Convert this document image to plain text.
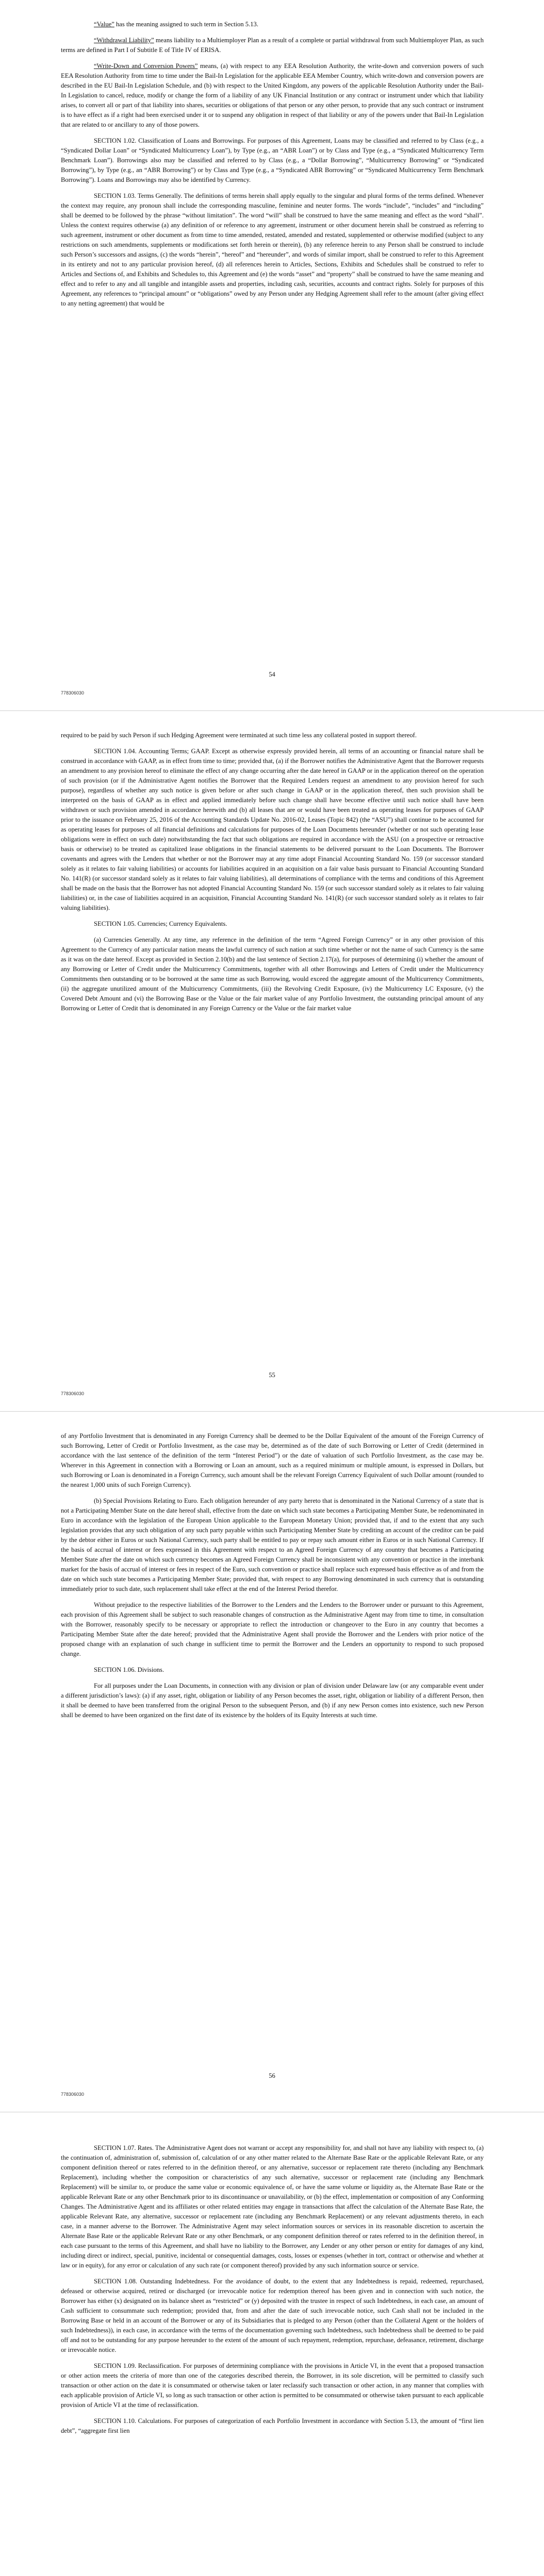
“Value” has the meaning assigned to such term in Section 5.13.

“Withdrawal Liability” means liability to a Multiemployer Plan as a result of a complete or partial withdrawal from such Multiemployer Plan, as such terms are defined in Part I of Subtitle E of Title IV of ERISA.

“Write-Down and Conversion Powers” means, (a) with respect to any EEA Resolution Authority, the write-down and conversion powers of such EEA Resolution Authority from time to time under the Bail-In Legislation for the applicable EEA Member Country, which write-down and conversion powers are described in the EU Bail-In Legislation Schedule, and (b) with respect to the United Kingdom, any powers of the applicable Resolution Authority under the Bail-In Legislation to cancel, reduce, modify or change the form of a liability of any UK Financial Institution or any contract or instrument under which that liability arises, to convert all or part of that liability into shares, securities or obligations of that person or any other person, to provide that any such contract or instrument is to have effect as if a right had been exercised under it or to suspend any obligation in respect of that liability or any of the powers under that Bail-In Legislation that are related to or ancillary to any of those powers.

SECTION 1.02. Classification of Loans and Borrowings. For purposes of this Agreement, Loans may be classified and referred to by Class (e.g., a “Syndicated Dollar Loan” or “Syndicated Multicurrency Loan”), by Type (e.g., an “ABR Loan”) or by Class and Type (e.g., a “Syndicated Multicurrency Term Benchmark Loan”). Borrowings also may be classified and referred to by Class (e.g., a “Dollar Borrowing”, “Multicurrency Borrowing” or “Syndicated Borrowing”), by Type (e.g., an “ABR Borrowing”) or by Class and Type (e.g., a “Syndicated ABR Borrowing” or “Syndicated Multicurrency Term Benchmark Borrowing”). Loans and Borrowings may also be identified by Currency.

SECTION 1.03. Terms Generally. The definitions of terms herein shall apply equally to the singular and plural forms of the terms defined. Whenever the context may require, any pronoun shall include the corresponding masculine, feminine and neuter forms. The words “include”, “includes” and “including” shall be deemed to be followed by the phrase “without limitation”. The word “will” shall be construed to have the same meaning and effect as the word “shall”. Unless the context requires otherwise (a) any definition of or reference to any agreement, instrument or other document herein shall be construed as referring to such agreement, instrument or other document as from time to time amended, restated, amended and restated, supplemented or otherwise modified (subject to any restrictions on such amendments, supplements or modifications set forth herein or therein), (b) any reference herein to any Person shall be construed to include such Person’s successors and assigns, (c) the words “herein”, “hereof” and “hereunder”, and words of similar import, shall be construed to refer to this Agreement in its entirety and not to any particular provision hereof, (d) all references herein to Articles, Sections, Exhibits and Schedules shall be construed to refer to Articles and Sections of, and Exhibits and Schedules to, this Agreement and (e) the words “asset” and “property” shall be construed to have the same meaning and effect and to refer to any and all tangible and intangible assets and properties, including cash, securities, accounts and contract rights. Solely for purposes of this Agreement, any references to “principal amount” or “obligations” owed by any Person under any Hedging Agreement shall refer to the amount (after giving effect to any netting agreement) that would be

54
778306030

required to be paid by such Person if such Hedging Agreement were terminated at such time less any collateral posted in support thereof.

SECTION 1.04. Accounting Terms; GAAP. Except as otherwise expressly provided herein, all terms of an accounting or financial nature shall be construed in accordance with GAAP, as in effect from time to time; provided that, (a) if the Borrower notifies the Administrative Agent that the Borrower requests an amendment to any provision hereof to eliminate the effect of any change occurring after the date hereof in GAAP or in the application thereof on the operation of such provision (or if the Administrative Agent notifies the Borrower that the Required Lenders request an amendment to any provision hereof for such purpose), regardless of whether any such notice is given before or after such change in GAAP or in the application thereof, then such provision shall be interpreted on the basis of GAAP as in effect and applied immediately before such change shall have become effective until such notice shall have been withdrawn or such provision amended in accordance herewith and (b) all leases that are or would have been treated as operating leases for purposes of GAAP prior to the issuance on February 25, 2016 of the Accounting Standards Update No. 2016-02, Leases (Topic 842) (the “ASU”) shall continue to be accounted for as operating leases for purposes of all financial definitions and calculations for purposes of the Loan Documents hereunder (whether or not such operating lease obligations were in effect on such date) notwithstanding the fact that such obligations are required in accordance with the ASU (on a prospective or retroactive basis or otherwise) to be treated as capitalized lease obligations in the financial statements to be delivered pursuant to the Loan Documents. The Borrower covenants and agrees with the Lenders that whether or not the Borrower may at any time adopt Financial Accounting Standard No. 159 (or successor standard solely as it relates to fair valuing liabilities) or accounts for liabilities acquired in an acquisition on a fair value basis pursuant to Financial Accounting Standard No. 141(R) (or successor standard solely as it relates to fair valuing liabilities), all determinations of compliance with the terms and conditions of this Agreement shall be made on the basis that the Borrower has not adopted Financial Accounting Standard No. 159 (or such successor standard solely as it relates to fair valuing liabilities) or, in the case of liabilities acquired in an acquisition, Financial Accounting Standard No. 141(R) (or such successor standard solely as it relates to fair valuing liabilities).

SECTION 1.05. Currencies; Currency Equivalents.

(a) Currencies Generally. At any time, any reference in the definition of the term “Agreed Foreign Currency” or in any other provision of this Agreement to the Currency of any particular nation means the lawful currency of such nation at such time whether or not the name of such Currency is the same as it was on the date hereof. Except as provided in Section 2.10(b) and the last sentence of Section 2.17(a), for purposes of determining (i) whether the amount of any Borrowing or Letter of Credit under the Multicurrency Commitments, together with all other Borrowings and Letters of Credit under the Multicurrency Commitments then outstanding or to be borrowed at the same time as such Borrowing, would exceed the aggregate amount of the Multicurrency Commitments, (ii) the aggregate unutilized amount of the Multicurrency Commitments, (iii) the Revolving Credit Exposure, (iv) the Multicurrency LC Exposure, (v) the Covered Debt Amount and (vi) the Borrowing Base or the Value or the fair market value of any Portfolio Investment, the outstanding principal amount of any Borrowing or Letter of Credit that is denominated in any Foreign Currency or the Value or the fair market value

55
778306030

of any Portfolio Investment that is denominated in any Foreign Currency shall be deemed to be the Dollar Equivalent of the amount of the Foreign Currency of such Borrowing, Letter of Credit or Portfolio Investment, as the case may be, determined as of the date of such Borrowing or Letter of Credit (determined in accordance with the last sentence of the definition of the term “Interest Period”) or the date of valuation of such Portfolio Investment, as the case may be. Wherever in this Agreement in connection with a Borrowing or Loan an amount, such as a required minimum or multiple amount, is expressed in Dollars, but such Borrowing or Loan is denominated in a Foreign Currency, such amount shall be the relevant Foreign Currency Equivalent of such Dollar amount (rounded to the nearest 1,000 units of such Foreign Currency).

(b) Special Provisions Relating to Euro. Each obligation hereunder of any party hereto that is denominated in the National Currency of a state that is not a Participating Member State on the date hereof shall, effective from the date on which such state becomes a Participating Member State, be redenominated in Euro in accordance with the legislation of the European Union applicable to the European Monetary Union; provided that, if and to the extent that any such legislation provides that any such obligation of any such party payable within such Participating Member State by crediting an account of the creditor can be paid by the debtor either in Euros or such National Currency, such party shall be entitled to pay or repay such amount either in Euros or in such National Currency. If the basis of accrual of interest or fees expressed in this Agreement with respect to an Agreed Foreign Currency of any country that becomes a Participating Member State after the date on which such currency becomes an Agreed Foreign Currency shall be inconsistent with any convention or practice in the interbank market for the basis of accrual of interest or fees in respect of the Euro, such convention or practice shall replace such expressed basis effective as of and from the date on which such state becomes a Participating Member State; provided that, with respect to any Borrowing denominated in such currency that is outstanding immediately prior to such date, such replacement shall take effect at the end of the Interest Period therefor.

Without prejudice to the respective liabilities of the Borrower to the Lenders and the Lenders to the Borrower under or pursuant to this Agreement, each provision of this Agreement shall be subject to such reasonable changes of construction as the Administrative Agent may from time to time, in consultation with the Borrower, reasonably specify to be necessary or appropriate to reflect the introduction or changeover to the Euro in any country that becomes a Participating Member State after the date hereof; provided that the Administrative Agent shall provide the Borrower and the Lenders with prior notice of the proposed change with an explanation of such change in sufficient time to permit the Borrower and the Lenders an opportunity to respond to such proposed change.

SECTION 1.06. Divisions.

For all purposes under the Loan Documents, in connection with any division or plan of division under Delaware law (or any comparable event under a different jurisdiction’s laws): (a) if any asset, right, obligation or liability of any Person becomes the asset, right, obligation or liability of a different Person, then it shall be deemed to have been transferred from the original Person to the subsequent Person, and (b) if any new Person comes into existence, such new Person shall be deemed to have been organized on the first date of its existence by the holders of its Equity Interests at such time.

56
778306030

SECTION 1.07. Rates. The Administrative Agent does not warrant or accept any responsibility for, and shall not have any liability with respect to, (a) the continuation of, administration of, submission of, calculation of or any other matter related to the Alternate Base Rate or the applicable Relevant Rate, or any component definition thereof or rates referred to in the definition thereof, or any alternative, successor or replacement rate thereto (including any Benchmark Replacement), including whether the composition or characteristics of any such alternative, successor or replacement rate (including any Benchmark Replacement) will be similar to, or produce the same value or economic equivalence of, or have the same volume or liquidity as, the Alternate Base Rate or the applicable Relevant Rate or any other Benchmark prior to its discontinuance or unavailability, or (b) the effect, implementation or composition of any Conforming Changes. The Administrative Agent and its affiliates or other related entities may engage in transactions that affect the calculation of the Alternate Base Rate, the applicable Relevant Rate, any alternative, successor or replacement rate (including any Benchmark Replacement) or any relevant adjustments thereto, in each case, in a manner adverse to the Borrower. The Administrative Agent may select information sources or services in its reasonable discretion to ascertain the Alternate Base Rate or the applicable Relevant Rate or any other Benchmark, or any component definition thereof or rates referred to in the definition thereof, in each case pursuant to the terms of this Agreement, and shall have no liability to the Borrower, any Lender or any other person or entity for damages of any kind, including direct or indirect, special, punitive, incidental or consequential damages, costs, losses or expenses (whether in tort, contract or otherwise and whether at law or in equity), for any error or calculation of any such rate (or component thereof) provided by any such information source or service.

SECTION 1.08. Outstanding Indebtedness. For the avoidance of doubt, to the extent that any Indebtedness is repaid, redeemed, repurchased, defeased or otherwise acquired, retired or discharged (or irrevocable notice for redemption thereof has been given and in connection with such notice, the Borrower has either (x) designated on its balance sheet as “restricted” or (y) deposited with the trustee in respect of such Indebtedness, in each case, an amount of Cash sufficient to consummate such redemption; provided that, from and after the date of such irrevocable notice, such Cash shall not be included in the Borrowing Base or held in an account of the Borrower or any of its Subsidiaries that is pledged to any Person (other than the Collateral Agent or the holders of such Indebtedness)), in each case, in accordance with the terms of the documentation governing such Indebtedness, such Indebtedness shall be deemed to be paid off and not to be outstanding for any purpose hereunder to the extent of the amount of such repayment, redemption, repurchase, defeasance, retirement, discharge or irrevocable notice.

SECTION 1.09. Reclassification. For purposes of determining compliance with the provisions in Article VI, in the event that a proposed transaction or other action meets the criteria of more than one of the categories described therein, the Borrower, in its sole discretion, will be permitted to classify such transaction or other action on the date it is consummated or otherwise taken or later reclassify such transaction or other action, in any manner that complies with each applicable provision of Article VI, so long as such transaction or other action is permitted to be consummated or otherwise taken pursuant to each applicable provision of Article VI at the time of reclassification.

SECTION 1.10. Calculations. For purposes of categorization of each Portfolio Investment in accordance with Section 5.13, the amount of “first lien debt”, “aggregate first lien
